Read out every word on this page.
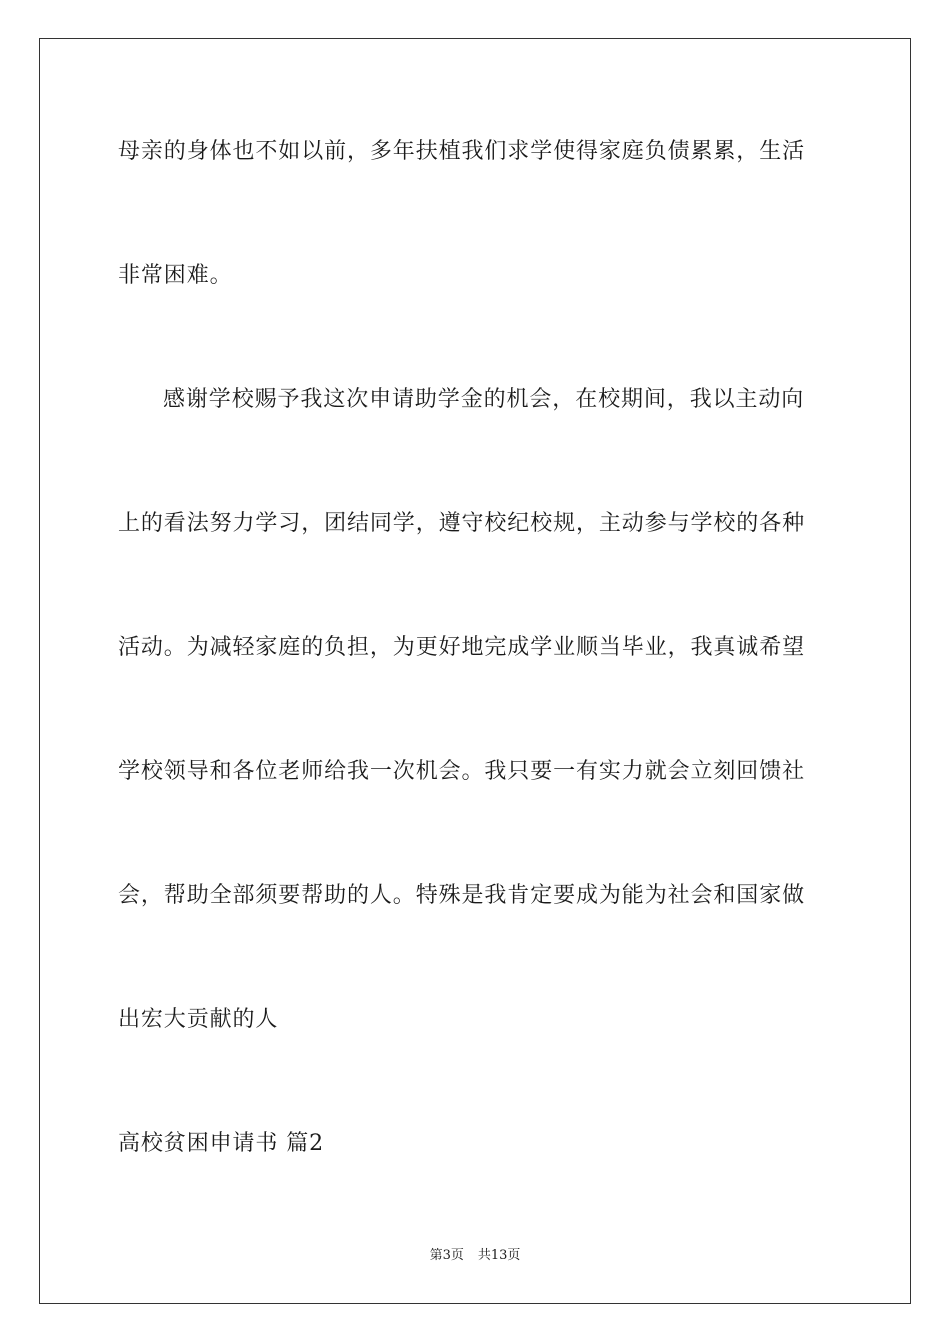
母亲的身体也不如以前，多年扶植我们求学使得家庭负债累累，生活
非常困难。
感谢学校赐予我这次申请助学金的机会，在校期间，我以主动向
上的看法努力学习，团结同学，遵守校纪校规，主动参与学校的各种
活动。为减轻家庭的负担，为更好地完成学业顺当毕业，我真诚希望
学校领导和各位老师给我一次机会。我只要一有实力就会立刻回馈社
会，帮助全部须要帮助的人。特殊是我肯定要成为能为社会和国家做
出宏大贡献的人
高校贫困申请书 篇2
第3页 共13页
